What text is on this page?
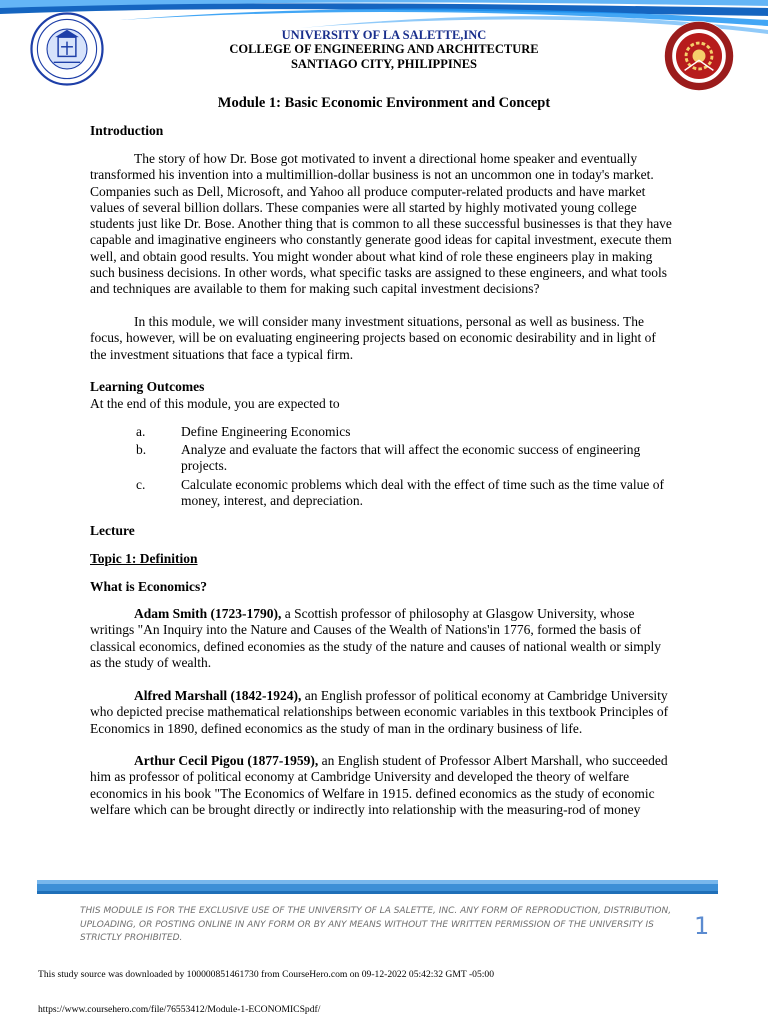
UNIVERSITY OF LA SALETTE,INC
COLLEGE OF ENGINEERING AND ARCHITECTURE
SANTIAGO CITY, PHILIPPINES
Module 1: Basic Economic Environment and Concept
Introduction
The story of how Dr. Bose got motivated to invent a directional home speaker and eventually transformed his invention into a multimillion-dollar business is not an uncommon one in today's market. Companies such as Dell, Microsoft, and Yahoo all produce computer-related products and have market values of several billion dollars. These companies were all started by highly motivated young college students just like Dr. Bose. Another thing that is common to all these successful businesses is that they have capable and imaginative engineers who constantly generate good ideas for capital investment, execute them well, and obtain good results. You might wonder about what kind of role these engineers play in making such business decisions. In other words, what specific tasks are assigned to these engineers, and what tools and techniques are available to them for making such capital investment decisions?
In this module, we will consider many investment situations, personal as well as business. The focus, however, will be on evaluating engineering projects based on economic desirability and in light of the investment situations that face a typical firm.
Learning Outcomes
At the end of this module, you are expected to
a.	Define Engineering Economics
b.	Analyze and evaluate the factors that will affect the economic success of engineering projects.
c.	Calculate economic problems which deal with the effect of time such as the time value of money, interest, and depreciation.
Lecture
Topic 1: Definition
What is Economics?
Adam Smith (1723-1790), a Scottish professor of philosophy at Glasgow University, whose writings "An Inquiry into the Nature and Causes of the Wealth of Nations'in 1776, formed the basis of classical economics, defined economies as the study of the nature and causes of national wealth or simply as the study of wealth.
Alfred Marshall (1842-1924), an English professor of political economy at Cambridge University who depicted precise mathematical relationships between economic variables in this textbook Principles of Economics in 1890, defined economics as the study of man in the ordinary business of life.
Arthur Cecil Pigou (1877-1959), an English student of Professor Albert Marshall, who succeeded him as professor of political economy at Cambridge University and developed the theory of welfare economics in his book "The Economics of Welfare in 1915. defined economics as the study of economic welfare which can be brought directly or indirectly into relationship with the measuring-rod of money
THIS MODULE IS FOR THE EXCLUSIVE USE OF THE UNIVERSITY OF LA SALETTE, INC. ANY FORM OF REPRODUCTION, DISTRIBUTION, UPLOADING, OR POSTING ONLINE IN ANY FORM OR BY ANY MEANS WITHOUT THE WRITTEN PERMISSION OF THE UNIVERSITY IS STRICTLY PROHIBITED.	1
This study source was downloaded by 100000851461730 from CourseHero.com on 09-12-2022 05:42:32 GMT -05:00
https://www.coursehero.com/file/76553412/Module-1-ECONOMICSpdf/
